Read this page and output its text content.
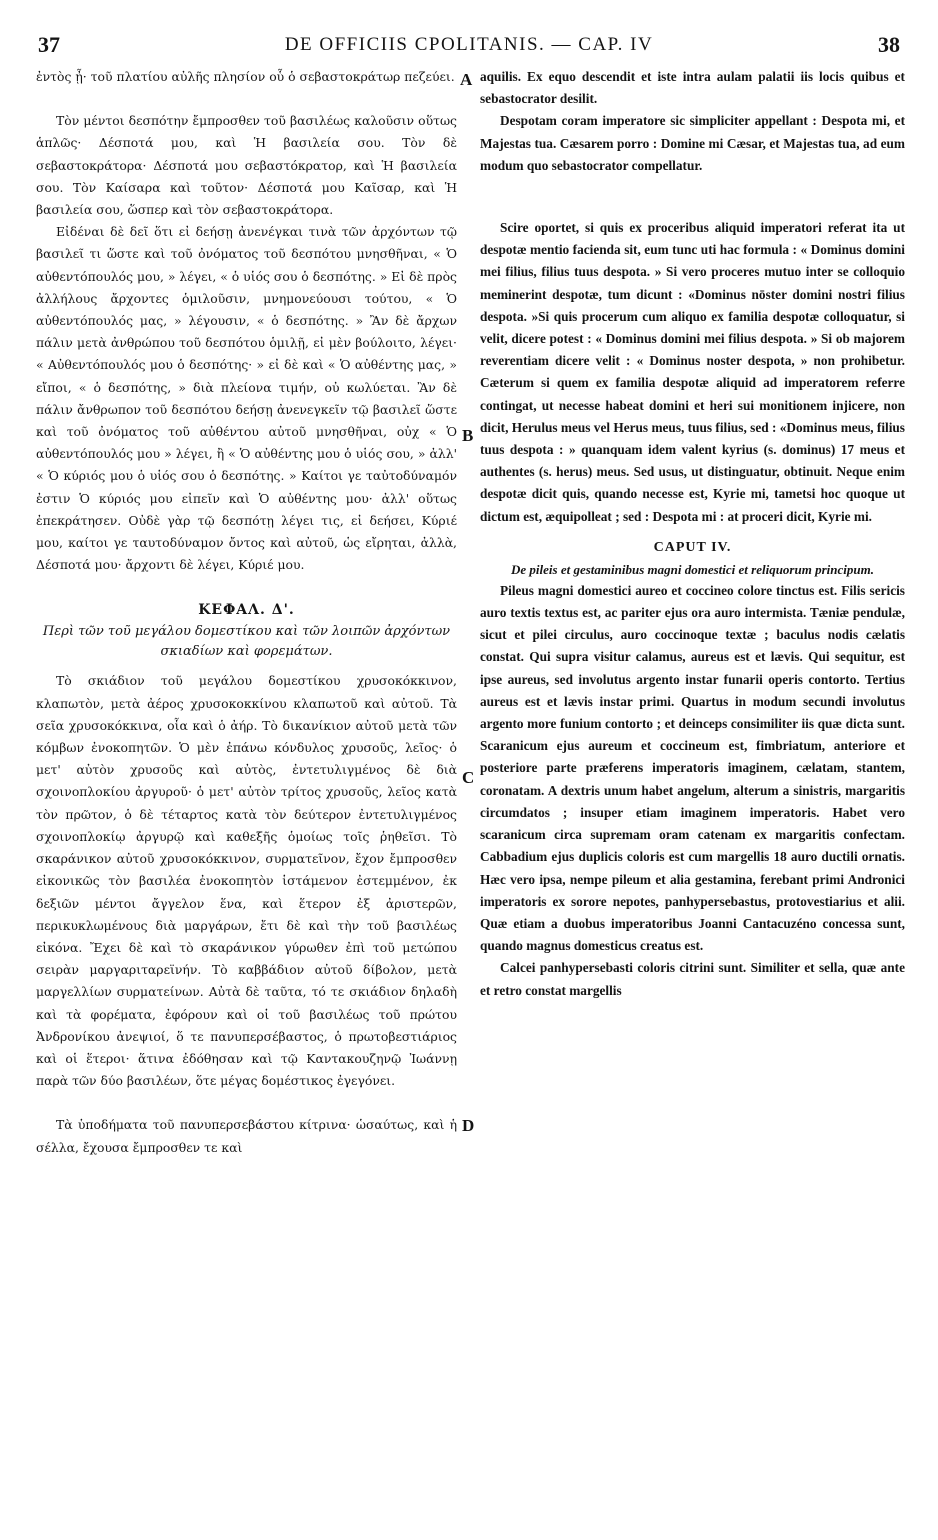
37	DE OFFICIIS CPOLITANIS. — CAP. IV	38
A
B
C
D

ἐντὸς ᾖ· τοῦ πλατίου αὐλῆς πλησίον οὗ ὁ σεβαστοκράτωρ πεζεύει.

Τὸν μέντοι δεσπότην ἔμπροσθεν τοῦ βασιλέως καλοῦσιν οὕτως ἁπλῶς· Δέσποτά μου, καὶ Ἡ βασιλεία σου. Τὸν δὲ σεβαστοκράτορα· Δέσποτά μου σεβαστόκρατορ, καὶ Ἡ βασιλεία σου. Τὸν Καίσαρα καὶ τοῦτον· Δέσποτά μου Καῖσαρ, καὶ Ἡ βασιλεία σου, ὥσπερ καὶ τὸν σεβαστοκράτορα.

Εἰδέναι δὲ δεῖ ὅτι εἰ δεήσῃ ἀνενέγκαι τινὰ τῶν ἀρχόντων τῷ βασιλεῖ τι ὥστε καὶ τοῦ ὀνόματος τοῦ δεσπότου μνησθῆναι, « Ὁ αὐθεντόπουλός μου, » λέγει, « ὁ υἱός σου ὁ δεσπότης. » Εἰ δὲ πρὸς ἀλλήλους ἄρχοντες ὁμιλοῦσιν, μνημονεύουσι τούτου, « Ὁ αὐθεντόπουλός μας, » λέγουσιν, « ὁ δεσπότης. » Ἂν δὲ ἄρχων πάλιν μετὰ ἀνθρώπου τοῦ δεσπότου ὁμιλῇ, εἰ μὲν βούλοιτο, λέγει· « Αὐθεντόπουλός μου ὁ δεσπότης· » εἰ δὲ καὶ « Ὁ αὐθέντης μας, » εἴποι, « ὁ δεσπότης, » διὰ πλείονα τιμήν, οὐ κωλύεται. Ἂν δὲ πάλιν ἄνθρωπον τοῦ δεσπότου δεήσῃ ἀνενεγκεῖν τῷ βασιλεῖ ὥστε καὶ τοῦ ὀνόματος τοῦ αὐθέντου αὐτοῦ μνησθῆναι, οὐχ « Ὁ αὐθεντόπουλός μου » λέγει, ἢ « Ὁ αὐθέντης μου ὁ υἱός σου, » ἀλλ' « Ὁ κύριός μου ὁ υἱός σου ὁ δεσπότης. » Καίτοι γε ταὐτοδύναμόν ἐστιν Ὁ κύριός μου εἰπεῖν καὶ Ὁ αὐθέντης μου· ἀλλ' οὕτως ἐπεκράτησεν. Οὐδὲ γὰρ τῷ δεσπότῃ λέγει τις, εἰ δεήσει, Κύριέ μου, καίτοι γε ταυτοδύναμον ὄντος καὶ αὐτοῦ, ὡς εἴρηται, ἀλλὰ, Δέσποτά μου· ἄρχοντι δὲ λέγει, Κύριέ μου.

ΚΕΦΑΛ. Δ'.

Περὶ τῶν τοῦ μεγάλου δομεστίκου καὶ τῶν λοιπῶν ἀρχόντων σκιαδίων καὶ φορεμάτων.

Τὸ σκιάδιον τοῦ μεγάλου δομεστίκου χρυσοκόκκινον, κλαπωτὸν, μετὰ ἀέρος χρυσοκοκκίνου κλαπωτοῦ καὶ αὐτοῦ. Τὰ σεῖα χρυσοκόκκινα, οἷα καὶ ὁ ἀήρ. Τὸ δικανίκιον αὐτοῦ μετὰ τῶν κόμβων ἐνοκοπητῶν. Ὁ μὲν ἐπάνω κόνδυλος χρυσοῦς, λεῖος· ὁ μετ' αὐτὸν χρυσοῦς καὶ αὐτὸς, ἐντετυλιγμένος δὲ διὰ σχοινοπλοκίου ἀργυροῦ· ὁ μετ' αὐτὸν τρίτος χρυσοῦς, λεῖος κατὰ τὸν πρῶτον, ὁ δὲ τέταρτος κατὰ τὸν δεύτερον ἐντετυλιγμένος σχοινοπλοκίῳ ἀργυρῷ καὶ καθεξῆς ὁμοίως τοῖς ῥηθεῖσι. Τὸ σκαράνικον αὐτοῦ χρυσοκόκκινον, συρματεῖνον, ἔχον ἔμπροσθεν εἰκονικῶς τὸν βασιλέα ἐνοκοπητὸν ἱστάμενον ἐστεμμένον, ἐκ δεξιῶν μέντοι ἄγγελον ἕνα, καὶ ἕτερον ἐξ ἀριστερῶν, περικυκλωμένους διὰ μαργάρων, ἔτι δὲ καὶ τὴν τοῦ βασιλέως εἰκόνα. Ἔχει δὲ καὶ τὸ σκαράνικον γύρωθεν ἐπὶ τοῦ μετώπου σειρὰν μαργαριταρεϊνήν. Τὸ καββάδιον αὐτοῦ δίβολον, μετὰ μαργελλίων συρματείνων. Αὐτὰ δὲ ταῦτα, τό τε σκιάδιον δηλαδὴ καὶ τὰ φορέματα, ἐφόρουν καὶ οἱ τοῦ βασιλέως τοῦ πρώτου Ἀνδρονίκου ἀνεψιοί, ὅ τε πανυπερσέβαστος, ὁ πρωτοβεστιάριος καὶ οἱ ἕτεροι· ἅτινα ἐδόθησαν καὶ τῷ Καντακουζηνῷ Ἰωάννῃ παρὰ τῶν δύο βασιλέων, ὅτε μέγας δομέστικος ἐγεγόνει.

Τὰ ὑποδήματα τοῦ πανυπερσεβάστου κίτρινα· ὡσαύτως, καὶ ἡ σέλλα, ἔχουσα ἔμπροσθεν τε καὶ

aquilis. Ex equo descendit et iste intra aulam palatii iis locis quibus et sebastocrator desilit.

Despotam coram imperatore sic simpliciter appellant : Despota mi, et Majestas tua. Cæsarem porro : Domine mi Cæsar, et Majestas tua, ad eum modum quo sebastocrator compellatur.

Scire oportet, si quis ex proceribus aliquid imperatori referat ita ut despotæ mentio facienda sit, eum tunc uti hac formula : « Dominus domini mei filius, filius tuus despota. » Si vero proceres mutuo inter se colloquio meminerint despotæ, tum dicunt : «Dominus nōster domini nostri filius despota. »Si quis procerum cum aliquo ex familia despotæ colloquatur, si velit, dicere potest : « Dominus domini mei filius despota. » Si ob majorem reverentiam dicere velit : « Dominus noster despota, » non prohibetur. Cæterum si quem ex familia despotæ aliquid ad imperatorem referre contingat, ut necesse habeat domini et heri sui monitionem injicere, non dicit, Herulus meus vel Herus meus, tuus filius, sed : «Dominus meus, filius tuus despota : » quanquam idem valent kyrius (s. dominus) 17 meus et authentes (s. herus) meus. Sed usus, ut distinguatur, obtinuit. Neque enim despotæ dicit quis, quando necesse est, Kyrie mi, tametsi hoc quoque ut dictum est, æquipolleat ; sed : Despota mi : at proceri dicit, Kyrie mi.

CAPUT IV.

De pileis et gestaminibus magni domestici et reliquorum principum.

Pileus magni domestici aureo et coccineo colore tinctus est. Filis sericis auro textis textus est, ac pariter ejus ora auro intermista. Tæniæ pendulæ, sicut et pilei circulus, auro coccinoque textæ ; baculus nodis cælatis constat. Qui supra visitur calamus, aureus est et lævis. Qui sequitur, est ipse aureus, sed involutus argento instar funarii operis contorto. Tertius aureus est et lævis instar primi. Quartus in modum secundi involutus argento more funium contorto ; et deinceps consimiliter iis quæ dicta sunt. Scaranicum ejus aureum et coccineum est, fimbriatum, anteriore et posteriore parte præferens imperatoris imaginem, cælatam, stantem, coronatam. A dextris unum habet angelum, alterum a sinistris, margaritis circumdatos ; insuper etiam imaginem imperatoris. Habet vero scaranicum circa supremam oram catenam ex margaritis confectam. Cabbadium ejus duplicis coloris est cum margellis 18 auro ductili ornatis. Hæc vero ipsa, nempe pileum et alia gestamina, ferebant primi Andronici imperatoris ex sorore nepotes, panhypersebastus, protovestiarius et alii. Quæ etiam a duobus imperatoribus Joanni Cantacuzéno concessa sunt, quando magnus domesticus creatus est.

Calcei panhypersebasti coloris citrini sunt. Similiter et sella, quæ ante et retro constat margellis
